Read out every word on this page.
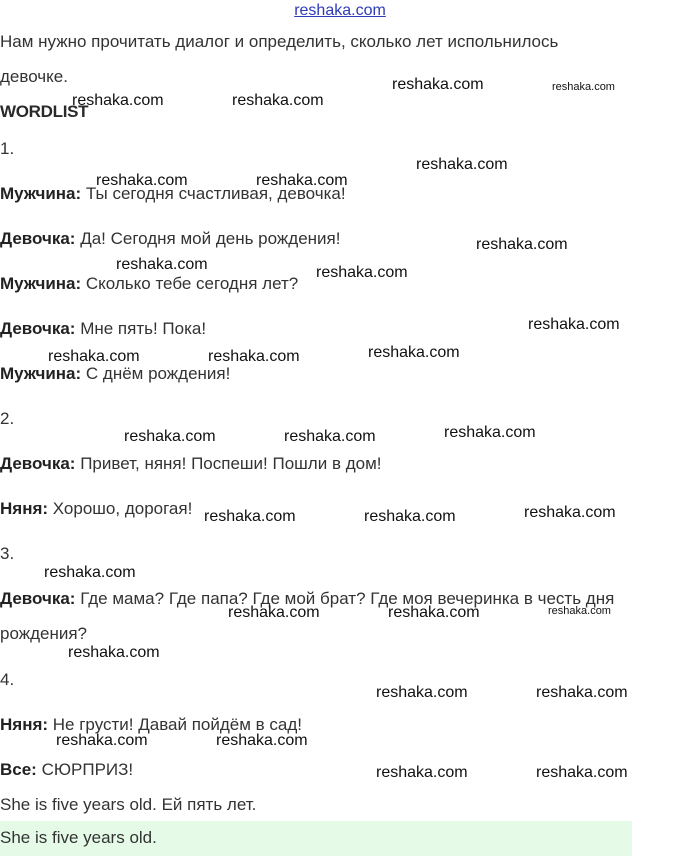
reshaka.com
Нам нужно прочитать диалог и определить, сколько лет испольнилось
девочке.
WORDLIST
1.
Мужчина: Ты сегодня счастливая, девочка!
Девочка: Да! Сегодня мой день рождения!
Мужчина: Сколько тебе сегодня лет?
Девочка: Мне пять! Пока!
Мужчина: С днём рождения!
2.
Девочка: Привет, няня! Поспеши! Пошли в дом!
Няня: Хорошо, дорогая!
3.
Девочка: Где мама? Где папа? Где мой брат? Где моя вечеринка в честь дня
рождения?
4.
Няня: Не грусти! Давай пойдём в сад!
Все: СЮРПРИЗ!
She is five years old. Ей пять лет.
She is five years old.
reshaka.com	reshaka.com
reshaka.com	reshaka.com
reshaka.com
reshaka.com	reshaka.com
reshaka.com
reshaka.com	reshaka.com
reshaka.com
reshaka.com
reshaka.com	reshaka.com
reshaka.com
reshaka.com	reshaka.com
reshaka.com
reshaka.com	reshaka.com
reshaka.com
reshaka.com
reshaka.com	reshaka.com
reshaka.com
reshaka.com	reshaka.com
reshaka.com	reshaka.com
reshaka.com	reshaka.com
